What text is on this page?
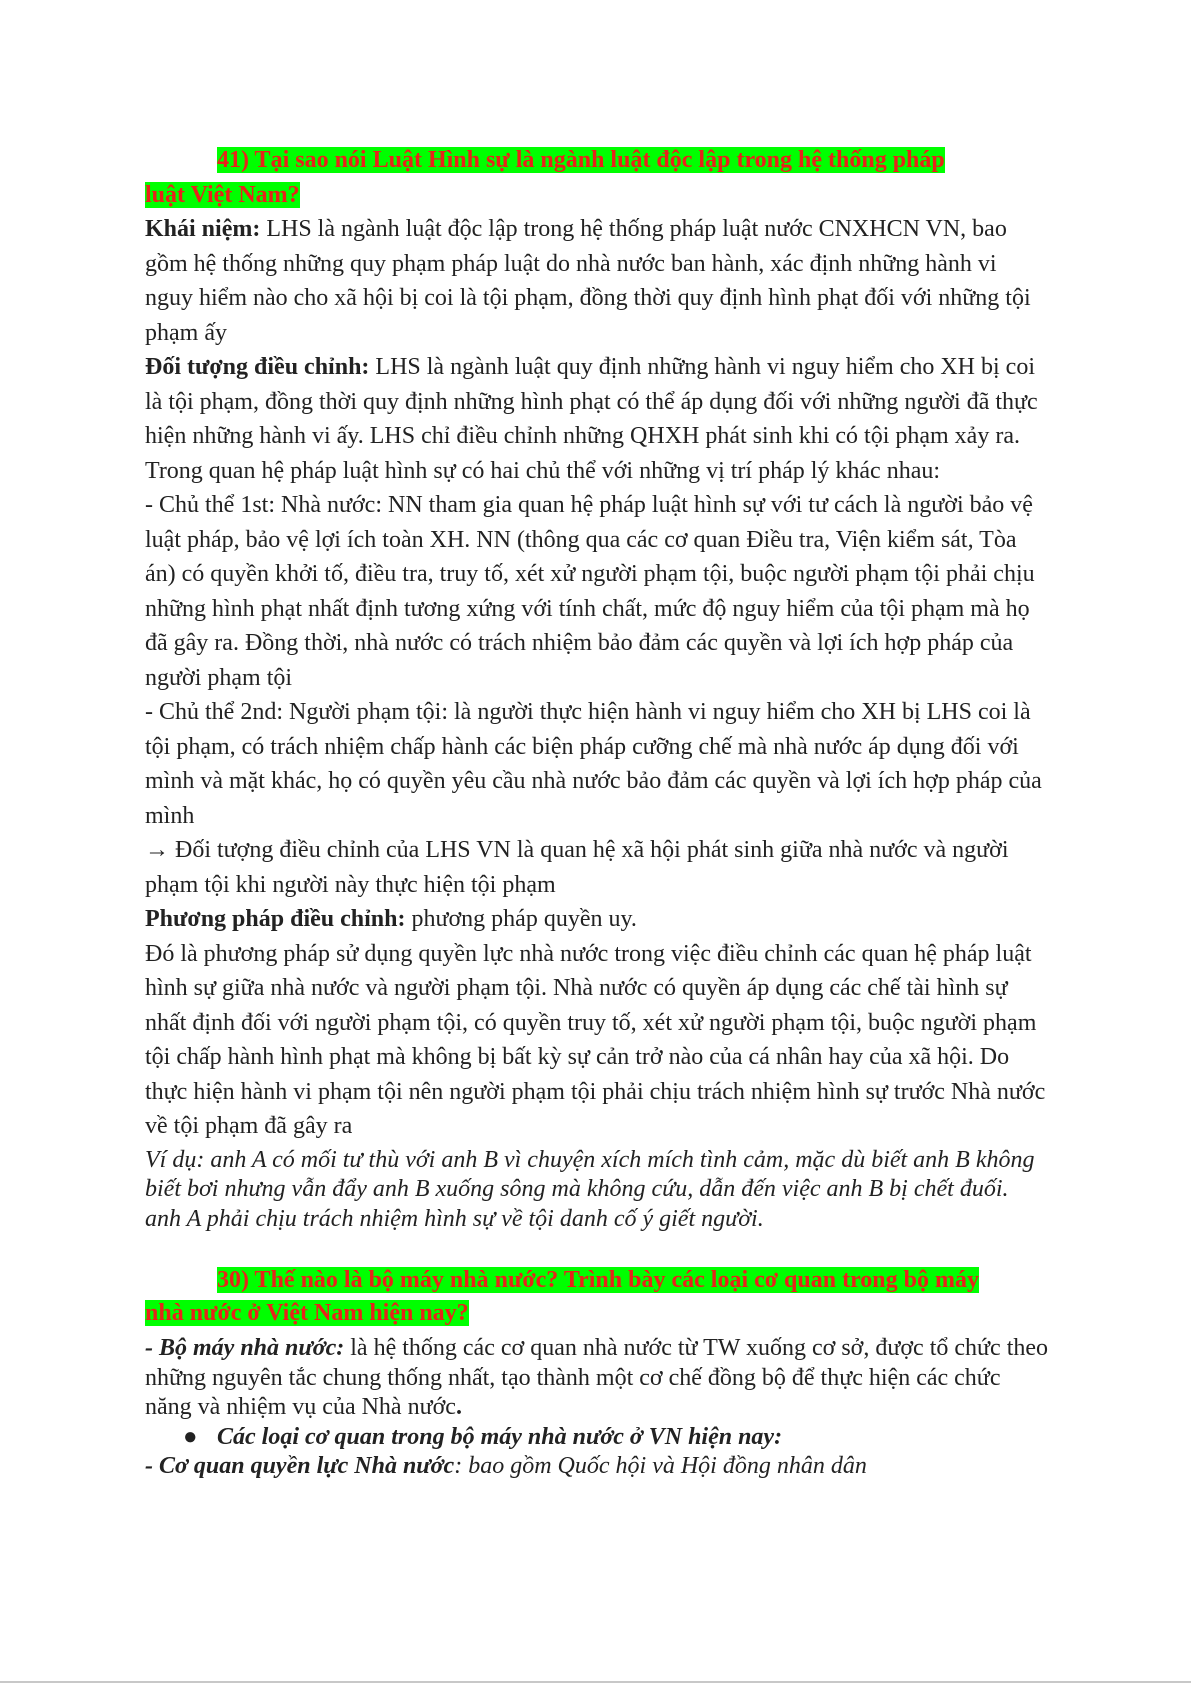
41) Tại sao nói Luật Hình sự là ngành luật độc lập trong hệ thống pháp
luật Việt Nam?

Khái niệm: LHS là ngành luật độc lập trong hệ thống pháp luật nước CNXHCN VN, bao gồm hệ thống những quy phạm pháp luật do nhà nước ban hành, xác định những hành vi nguy hiểm nào cho xã hội bị coi là tội phạm, đồng thời quy định hình phạt đối với những tội phạm ấy

Đối tượng điều chỉnh: LHS là ngành luật quy định những hành vi nguy hiểm cho XH bị coi là tội phạm, đồng thời quy định những hình phạt có thể áp dụng đối với những người đã thực hiện những hành vi ấy. LHS chỉ điều chỉnh những QHXH phát sinh khi có tội phạm xảy ra. Trong quan hệ pháp luật hình sự có hai chủ thể với những vị trí pháp lý khác nhau:

- Chủ thể 1st: Nhà nước: NN tham gia quan hệ pháp luật hình sự với tư cách là người bảo vệ luật pháp, bảo vệ lợi ích toàn XH. NN (thông qua các cơ quan Điều tra, Viện kiểm sát, Tòa án) có quyền khởi tố, điều tra, truy tố, xét xử người phạm tội, buộc người phạm tội phải chịu những hình phạt nhất định tương xứng với tính chất, mức độ nguy hiểm của tội phạm mà họ đã gây ra. Đồng thời, nhà nước có trách nhiệm bảo đảm các quyền và lợi ích hợp pháp của người phạm tội

- Chủ thể 2nd: Người phạm tội: là người thực hiện hành vi nguy hiểm cho XH bị LHS coi là tội phạm, có trách nhiệm chấp hành các biện pháp cưỡng chế mà nhà nước áp dụng đối với mình và mặt khác, họ có quyền yêu cầu nhà nước bảo đảm các quyền và lợi ích hợp pháp của mình

→ Đối tượng điều chỉnh của LHS VN là quan hệ xã hội phát sinh giữa nhà nước và người phạm tội khi người này thực hiện tội phạm

Phương pháp điều chỉnh: phương pháp quyền uy.

Đó là phương pháp sử dụng quyền lực nhà nước trong việc điều chỉnh các quan hệ pháp luật hình sự giữa nhà nước và người phạm tội. Nhà nước có quyền áp dụng các chế tài hình sự nhất định đối với người phạm tội, có quyền truy tố, xét xử người phạm tội, buộc người phạm tội chấp hành hình phạt mà không bị bất kỳ sự cản trở nào của cá nhân hay của xã hội. Do thực hiện hành vi phạm tội nên người phạm tội phải chịu trách nhiệm hình sự trước Nhà nước về tội phạm đã gây ra

Ví dụ: anh A có mối tư thù với anh B vì chuyện xích mích tình cảm, mặc dù biết anh B không biết bơi nhưng vẫn đẩy anh B xuống sông mà không cứu, dẫn đến việc anh B bị chết đuối. anh A phải chịu trách nhiệm hình sự về tội danh cố ý giết người.

30) Thế nào là bộ máy nhà nước? Trình bày các loại cơ quan trong bộ máy
nhà nước ở Việt Nam hiện nay?

- Bộ máy nhà nước: là hệ thống các cơ quan nhà nước từ TW xuống cơ sở, được tổ chức theo những nguyên tắc chung thống nhất, tạo thành một cơ chế đồng bộ để thực hiện các chức năng và nhiệm vụ của Nhà nước.

● Các loại cơ quan trong bộ máy nhà nước ở VN hiện nay:

- Cơ quan quyền lực Nhà nước: bao gồm Quốc hội và Hội đồng nhân dân
